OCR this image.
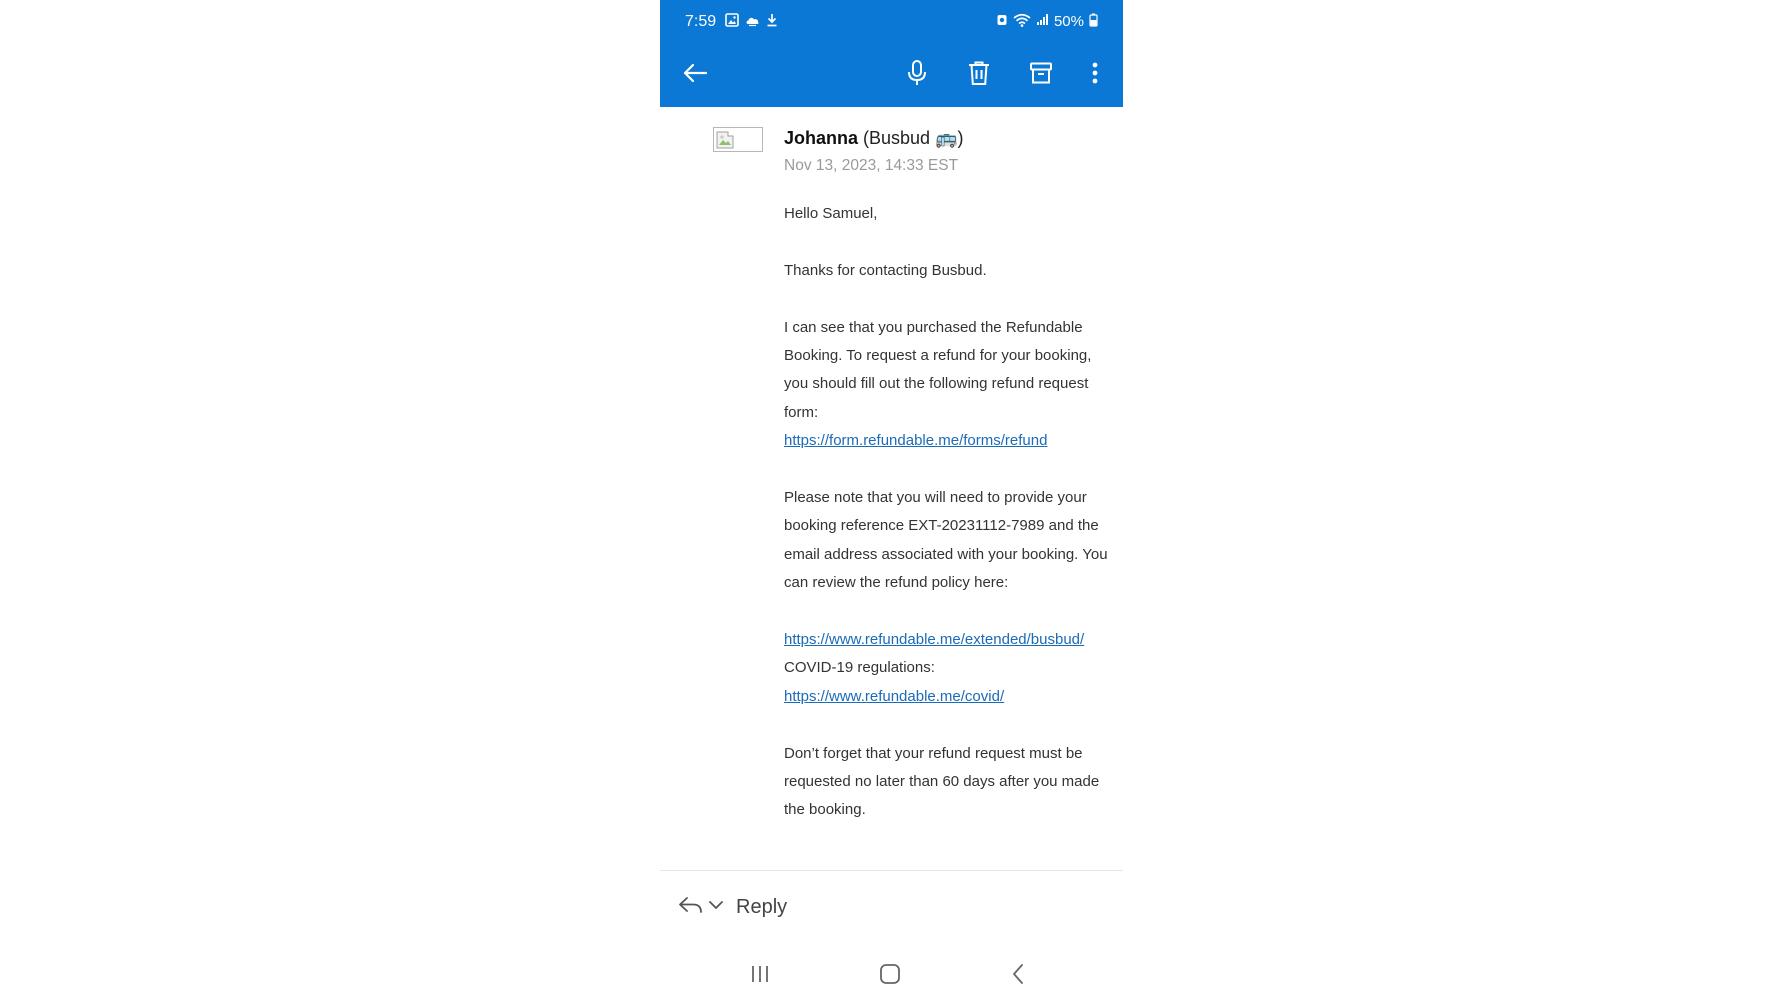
7:59	50%
Johanna (Busbud 🚌)
Nov 13, 2023, 14:33 EST

Hello Samuel,

Thanks for contacting Busbud.

I can see that you purchased the Refundable Booking. To request a refund for your booking, you should fill out the following refund request form:

https://form.refundable.me/forms/refund

Please note that you will need to provide your booking reference EXT-20231112-7989 and the email address associated with your booking. You can review the refund policy here:

https://www.refundable.me/extended/busbud/

COVID-19 regulations:

https://www.refundable.me/covid/

Don’t forget that your refund request must be requested no later than 60 days after you made the booking.

Reply
